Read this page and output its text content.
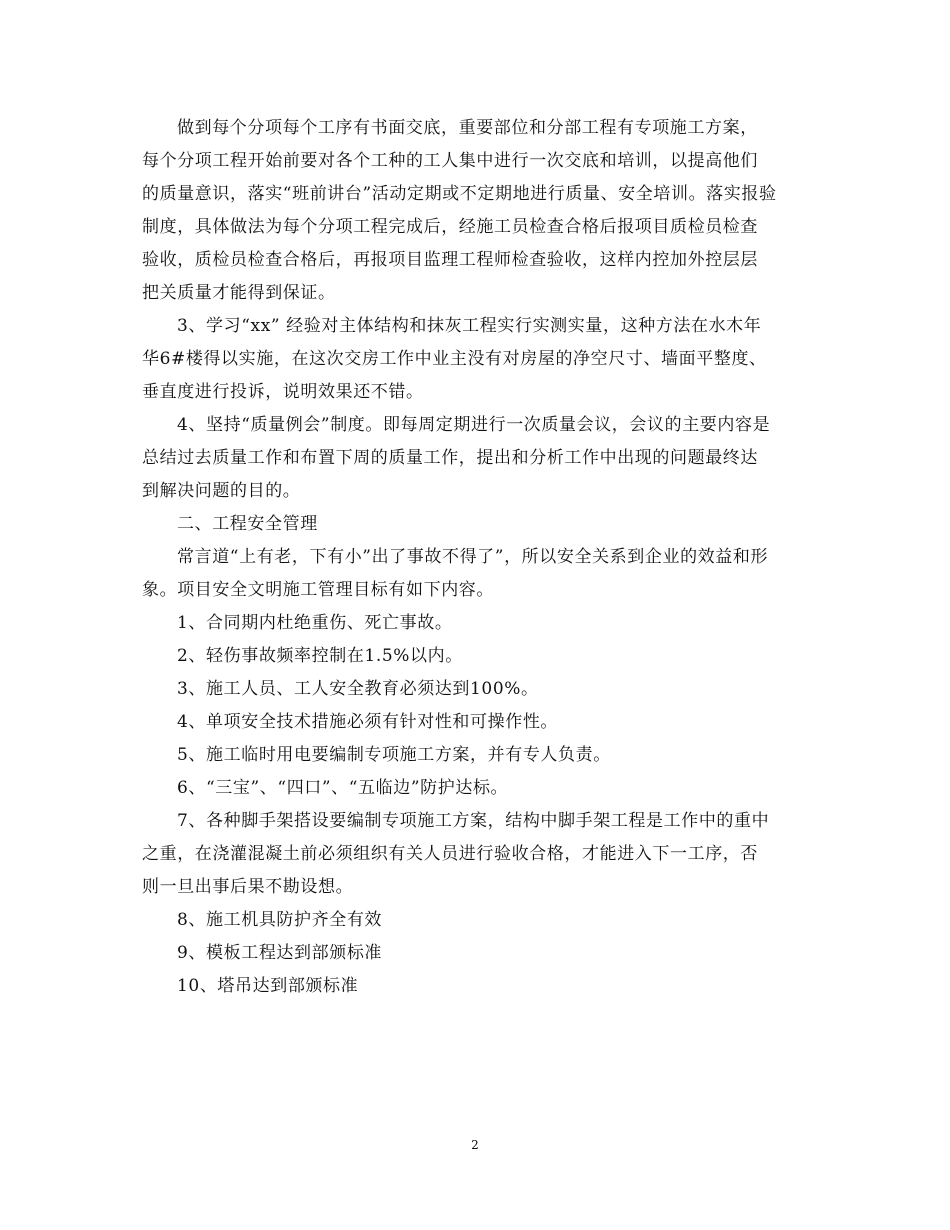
做到每个分项每个工序有书面交底，重要部位和分部工程有专项施工方案，
每个分项工程开始前要对各个工种的工人集中进行一次交底和培训，以提高他们
的质量意识，落实“班前讲台”活动定期或不定期地进行质量、安全培训。落实报验
制度，具体做法为每个分项工程完成后，经施工员检查合格后报项目质检员检查
验收，质检员检查合格后，再报项目监理工程师检查验收，这样内控加外控层层
把关质量才能得到保证。
3、学习“xx” 经验对主体结构和抹灰工程实行实测实量，这种方法在水木年
华6#楼得以实施，在这次交房工作中业主没有对房屋的净空尺寸、墙面平整度、
垂直度进行投诉，说明效果还不错。
4、坚持“质量例会”制度。即每周定期进行一次质量会议，会议的主要内容是
总结过去质量工作和布置下周的质量工作，提出和分析工作中出现的问题最终达
到解决问题的目的。
二、工程安全管理
常言道“上有老，下有小”出了事故不得了”，所以安全关系到企业的效益和形
象。项目安全文明施工管理目标有如下内容。
1、合同期内杜绝重伤、死亡事故。
2、轻伤事故频率控制在1.5%以内。
3、施工人员、工人安全教育必须达到100%。
4、单项安全技术措施必须有针对性和可操作性。
5、施工临时用电要编制专项施工方案，并有专人负责。
6、“三宝”、“四口”、“五临边”防护达标。
7、各种脚手架搭设要编制专项施工方案，结构中脚手架工程是工作中的重中
之重，在浇灌混凝土前必须组织有关人员进行验收合格，才能进入下一工序，否
则一旦出事后果不勘设想。
8、施工机具防护齐全有效
9、模板工程达到部颁标准
10、塔吊达到部颁标准
2
